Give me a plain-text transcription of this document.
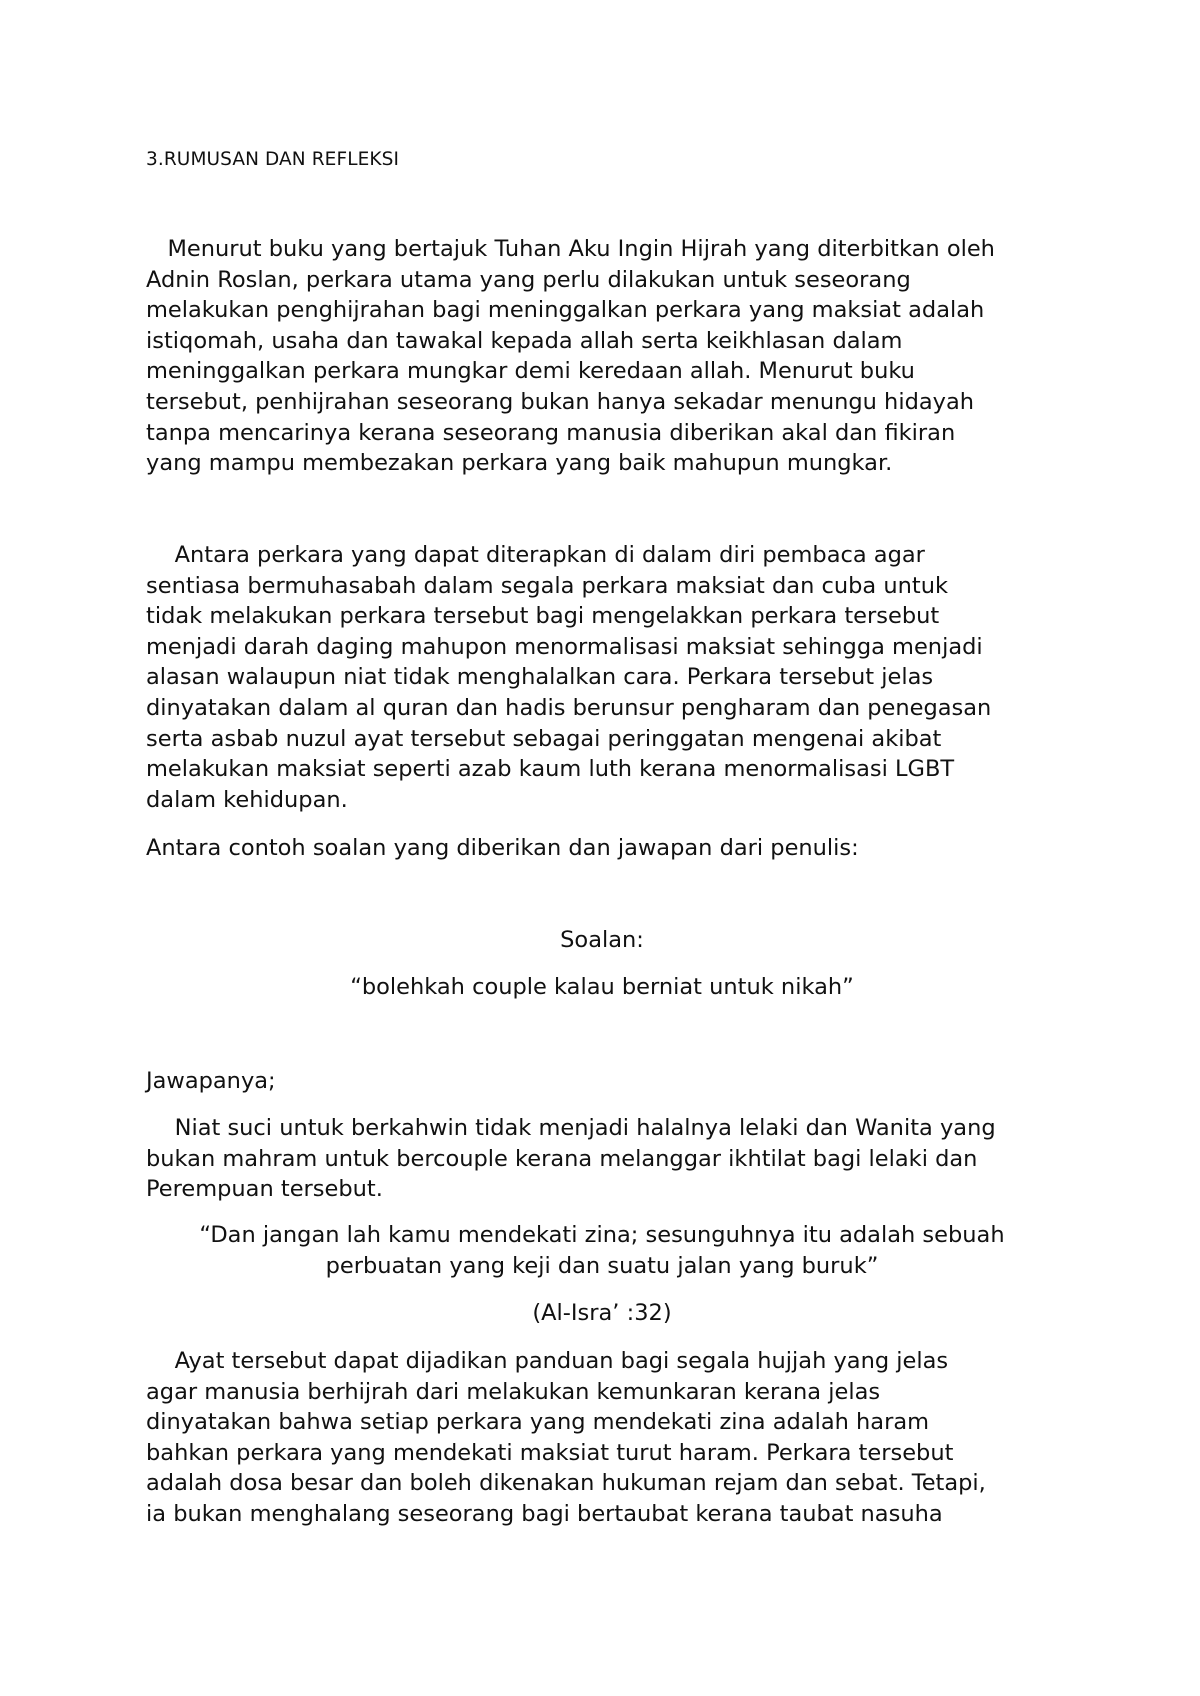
3.RUMUSAN DAN REFLEKSI
Menurut buku yang bertajuk Tuhan Aku Ingin Hijrah yang diterbitkan oleh
Adnin Roslan, perkara utama yang perlu dilakukan untuk seseorang
melakukan penghijrahan bagi meninggalkan perkara yang maksiat adalah
istiqomah, usaha dan tawakal kepada allah serta keikhlasan dalam
meninggalkan perkara mungkar demi keredaan allah. Menurut buku
tersebut, penhijrahan seseorang bukan hanya sekadar menungu hidayah
tanpa mencarinya kerana seseorang manusia diberikan akal dan fikiran
yang mampu membezakan perkara yang baik mahupun mungkar.
Antara perkara yang dapat diterapkan di dalam diri pembaca agar
sentiasa bermuhasabah dalam segala perkara maksiat dan cuba untuk
tidak melakukan perkara tersebut bagi mengelakkan perkara tersebut
menjadi darah daging mahupon menormalisasi maksiat sehingga menjadi
alasan walaupun niat tidak menghalalkan cara. Perkara tersebut jelas
dinyatakan dalam al quran dan hadis berunsur pengharam dan penegasan
serta asbab nuzul ayat tersebut sebagai peringgatan mengenai akibat
melakukan maksiat seperti azab kaum luth kerana menormalisasi LGBT
dalam kehidupan.
Antara contoh soalan yang diberikan dan jawapan dari penulis:
Soalan:
“bolehkah couple kalau berniat untuk nikah”
Jawapanya;
Niat suci untuk berkahwin tidak menjadi halalnya lelaki dan Wanita yang
bukan mahram untuk bercouple kerana melanggar ikhtilat bagi lelaki dan
Perempuan tersebut.
“Dan jangan lah kamu mendekati zina; sesunguhnya itu adalah sebuah
perbuatan yang keji dan suatu jalan yang buruk”
(Al-Isra’ :32)
Ayat tersebut dapat dijadikan panduan bagi segala hujjah yang jelas
agar manusia berhijrah dari melakukan kemunkaran kerana jelas
dinyatakan bahwa setiap perkara yang mendekati zina adalah haram
bahkan perkara yang mendekati maksiat turut haram. Perkara tersebut
adalah dosa besar dan boleh dikenakan hukuman rejam dan sebat. Tetapi,
ia bukan menghalang seseorang bagi bertaubat kerana taubat nasuha
